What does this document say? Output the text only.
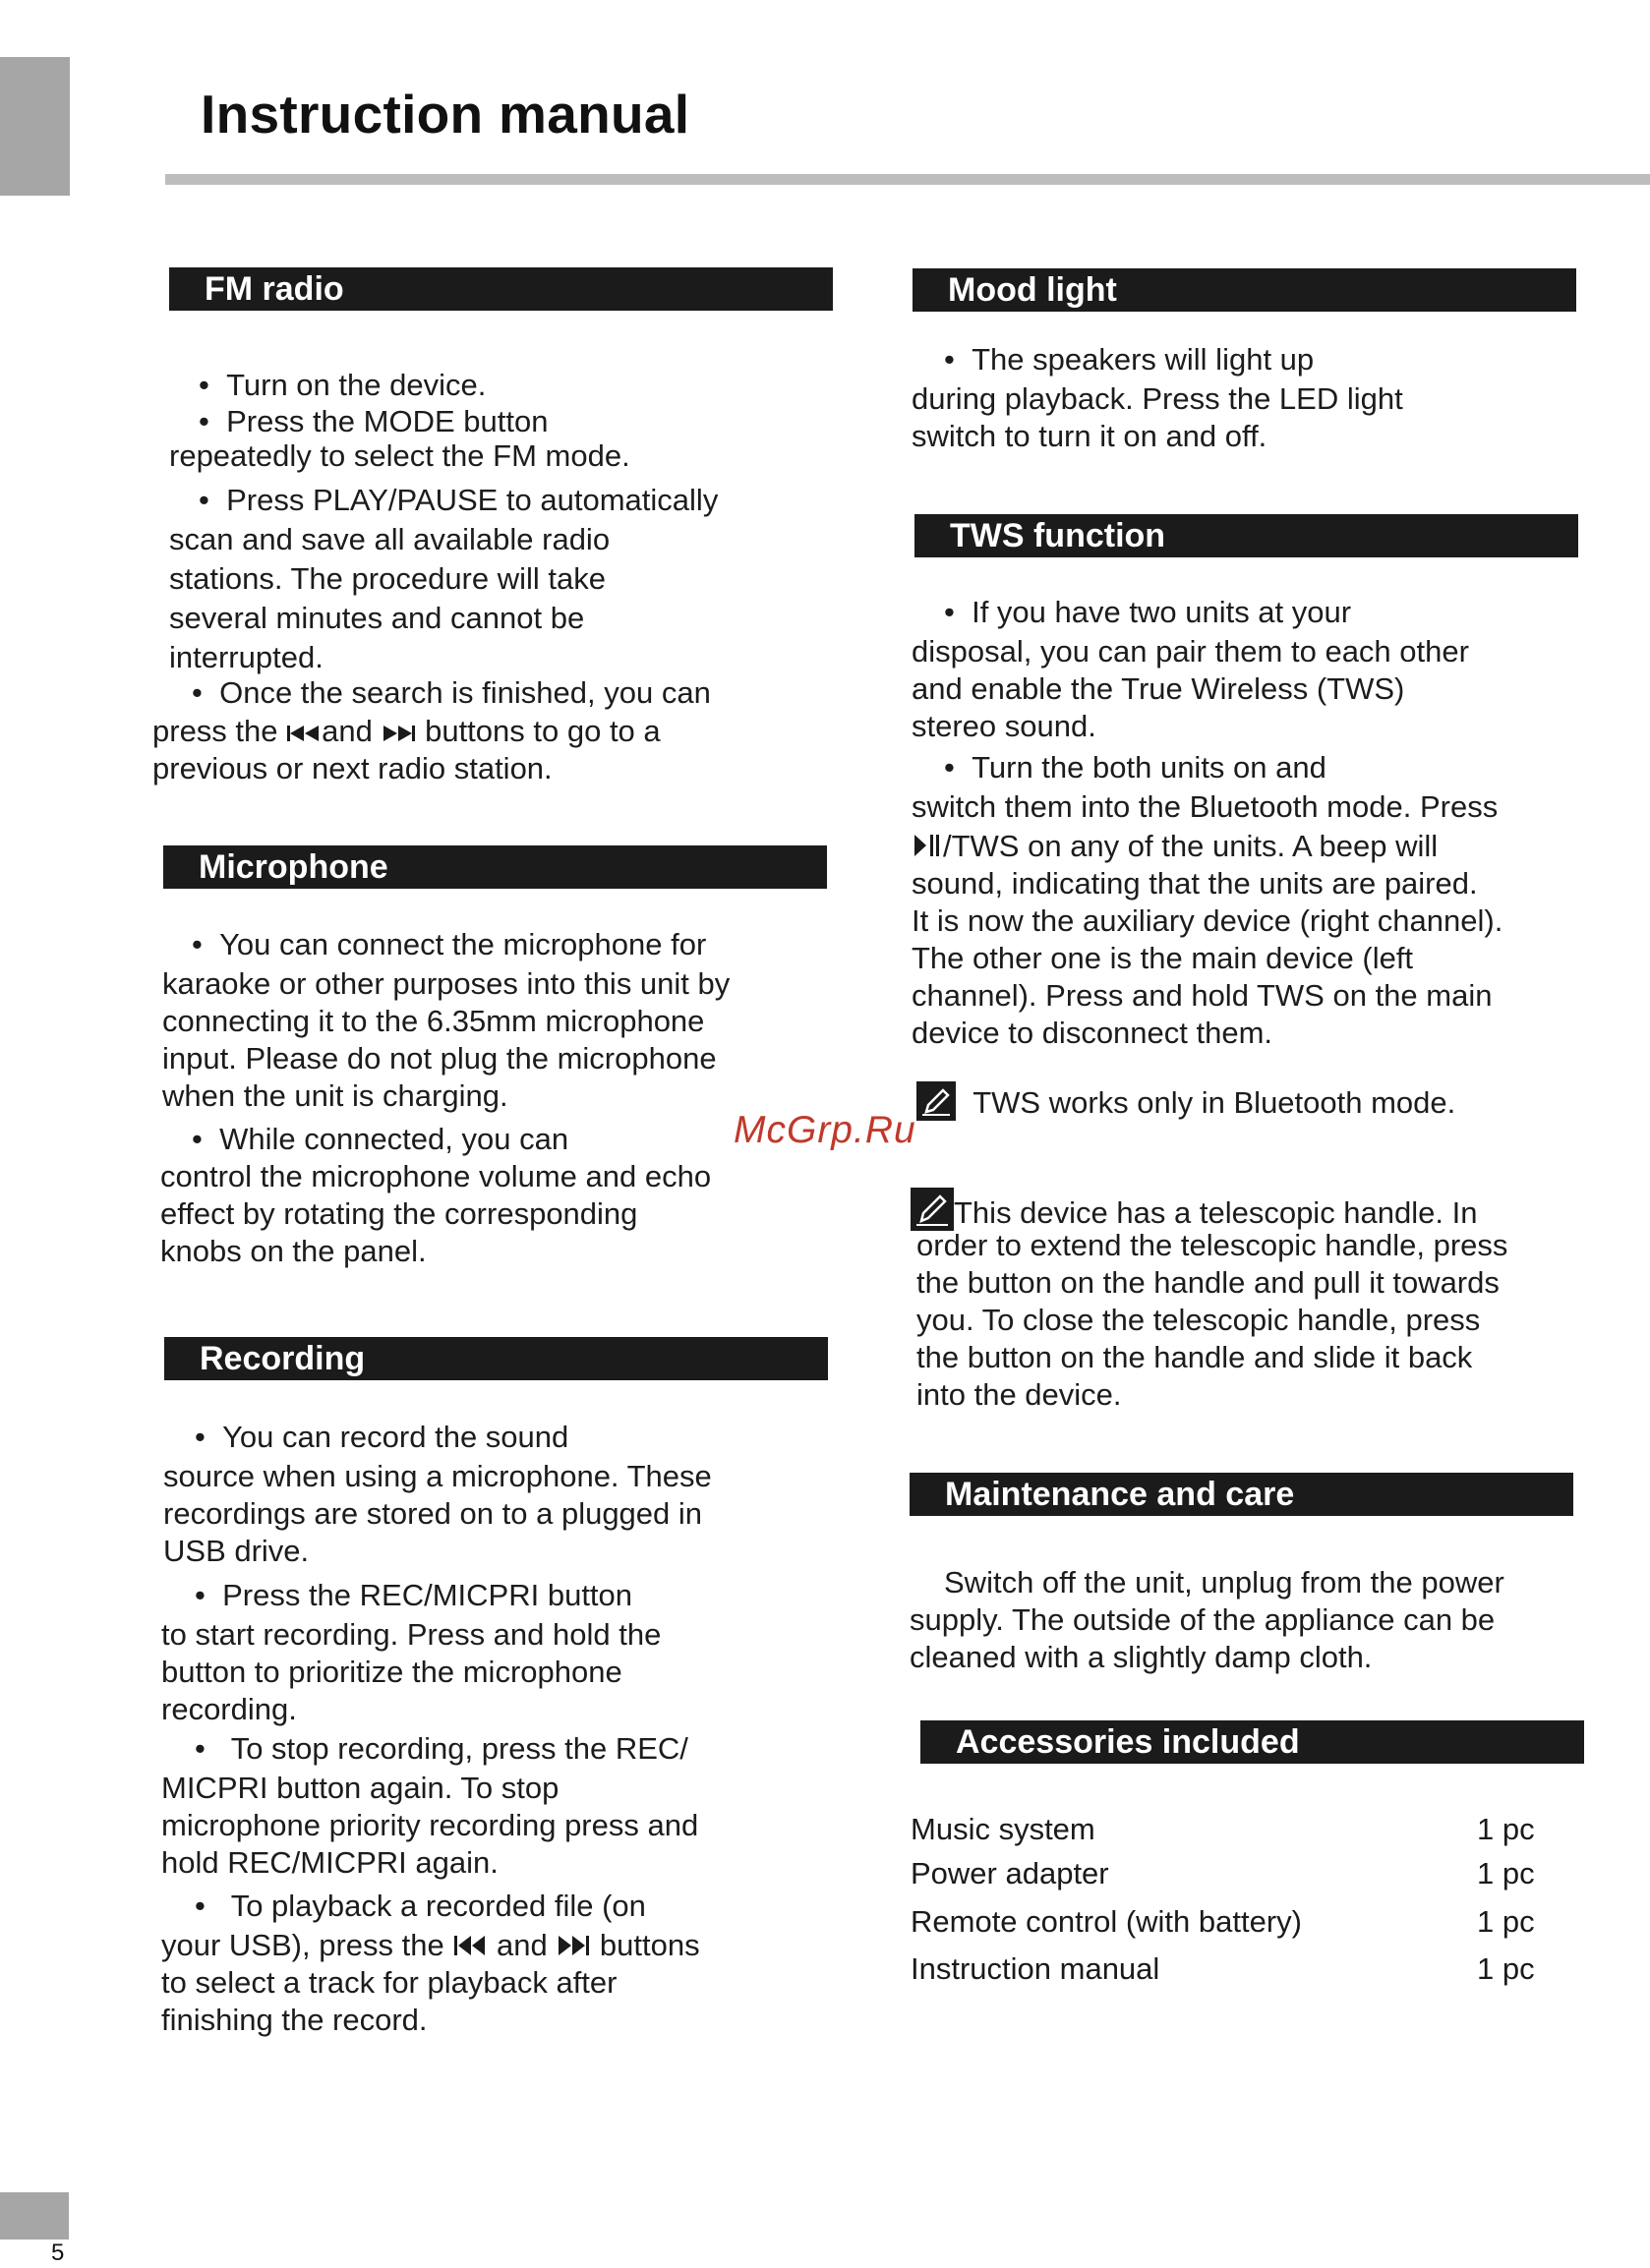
Instruction manual
McGrp.Ru
FM radio
•  Turn on the device.
•  Press the MODE button
repeatedly to select the FM mode.
•  Press PLAY/PAUSE to automatically
scan and save all available radio
stations. The procedure will take
several minutes and cannot be
interrupted.
•  Once the search is finished, you can
press the and  buttons to go to a
previous or next radio station.
Microphone
•  You can connect the microphone for
karaoke or other purposes into this unit by
connecting it to the 6.35mm microphone
input. Please do not plug the microphone
when the unit is charging.
•  While connected, you can
control the microphone volume and echo
effect by rotating the corresponding
knobs on the panel.
Recording
•  You can record the sound
source when using a microphone. These
recordings are stored on to a plugged in
USB drive.
•  Press the REC/MICPRI button
to start recording. Press and hold the
button to prioritize the microphone
recording.
•   To stop recording, press the REC/
MICPRI button again. To stop
microphone priority recording press and
hold REC/MICPRI again.
•   To playback a recorded file (on
your USB), press the  and  buttons
to select a track for playback after
finishing the record.
Mood light
•  The speakers will light up
during playback. Press the LED light
switch to turn it on and off.
TWS function
•  If you have two units at your
disposal, you can pair them to each other
and enable the True Wireless (TWS)
stereo sound.
•  Turn the both units on and
switch them into the Bluetooth mode. Press
/TWS on any of the units. A beep will
sound, indicating that the units are paired.
It is now the auxiliary device (right channel).
The other one is the main device (left
channel). Press and hold TWS on the main
device to disconnect them.
TWS works only in Bluetooth mode.
This device has a telescopic handle. In
order to extend the telescopic handle, press
the button on the handle and pull it towards
you. To close the telescopic handle, press
the button on the handle and slide it back
into the device.
Maintenance and care
Switch off the unit, unplug from the power
supply. The outside of the appliance can be
cleaned with a slightly damp cloth.
Accessories included
Music system	1 pc
Power adapter	1 pc
Remote control (with battery)	1 pc
Instruction manual	1 pc
5
